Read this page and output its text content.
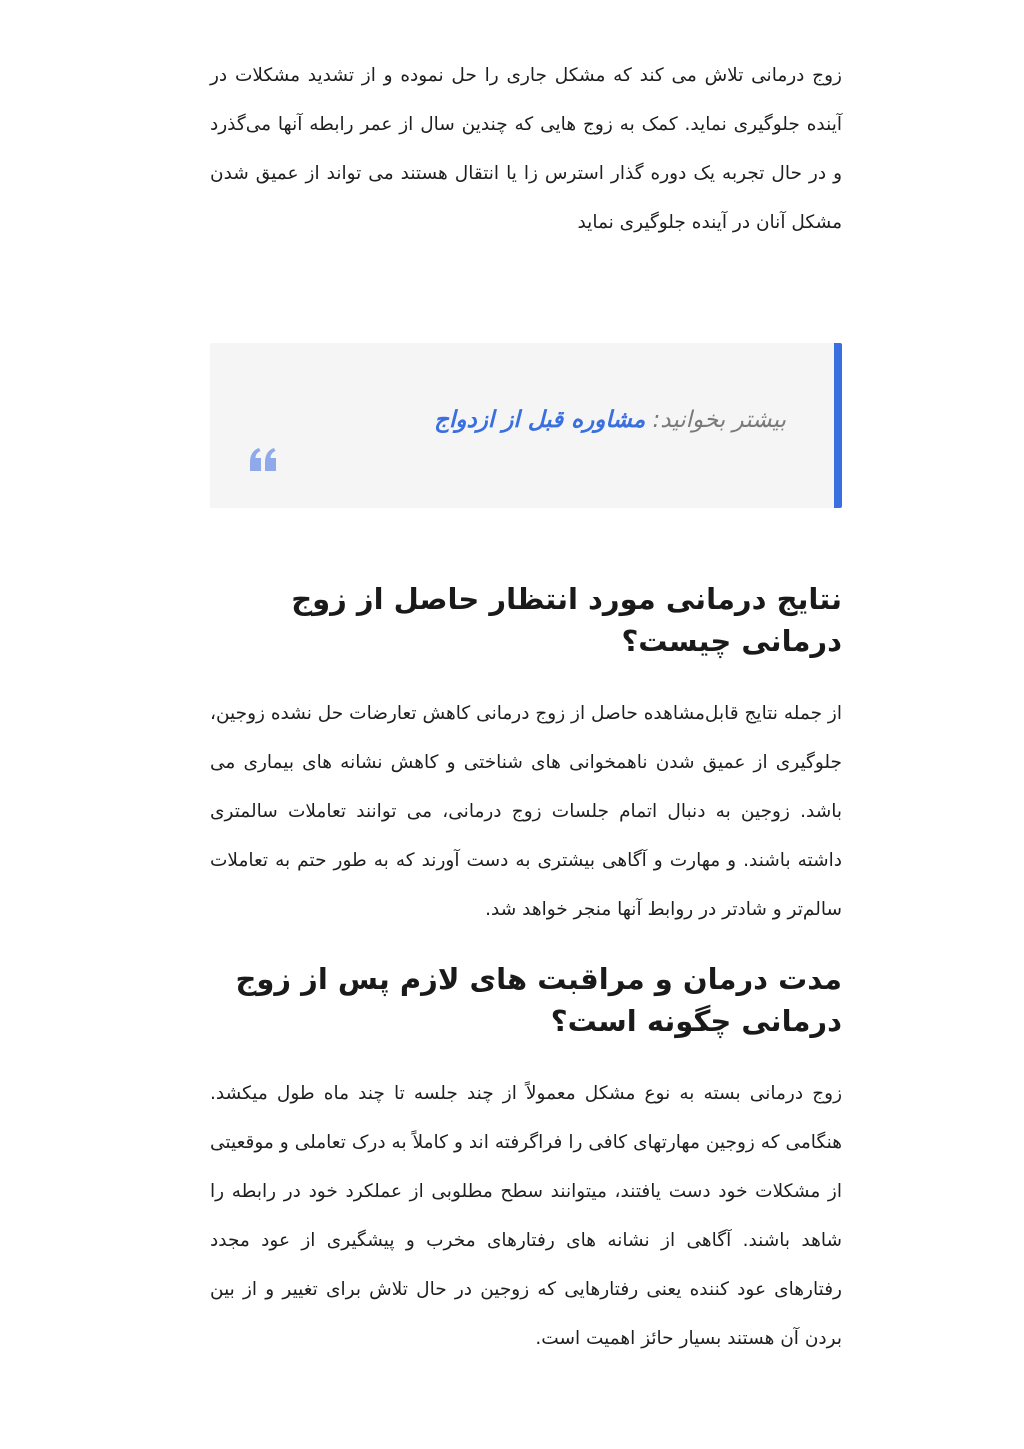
زوج درمانی تلاش می کند که مشکل جاری را حل نموده و از تشدید مشکلات در آینده جلوگیری نماید. کمک به زوج هایی که چندین سال از عمر رابطه آنها می‌گذرد و در حال تجربه یک دوره گذار استرس زا یا انتقال هستند می تواند از عمیق شدن مشکل آنان در آینده جلوگیری نماید

بیشتر بخوانید: مشاوره قبل از ازدواج
نتایج درمانی مورد انتظار حاصل از زوج درمانی چیست؟

از جمله نتایج قابل‌مشاهده حاصل از زوج درمانی کاهش تعارضات حل نشده زوجین، جلوگیری از عمیق شدن ناهمخوانی های شناختی و کاهش نشانه های بیماری می باشد. زوجین به دنبال اتمام جلسات زوج درمانی، می توانند تعاملات سالمتری داشته باشند. و مهارت و آگاهی بیشتری به دست آورند که به طور حتم به تعاملات سالم‌تر و شادتر در روابط آنها منجر خواهد شد.

مدت درمان و مراقبت های لازم پس از زوج درمانی چگونه است؟

زوج درمانی بسته به نوع مشکل معمولاً از چند جلسه تا چند ماه طول میکشد. هنگامی که زوجین مهارتهای کافی را فراگرفته اند و کاملاً به درک تعاملی و موقعیتی از مشکلات خود دست یافتند، میتوانند سطح مطلوبی از عملکرد خود در رابطه را شاهد باشند. آگاهی از نشانه های رفتارهای مخرب و پیشگیری از عود مجدد رفتارهای عود کننده یعنی رفتارهایی که زوجین در حال تلاش برای تغییر و از بین بردن آن هستند بسیار حائز اهمیت است.
